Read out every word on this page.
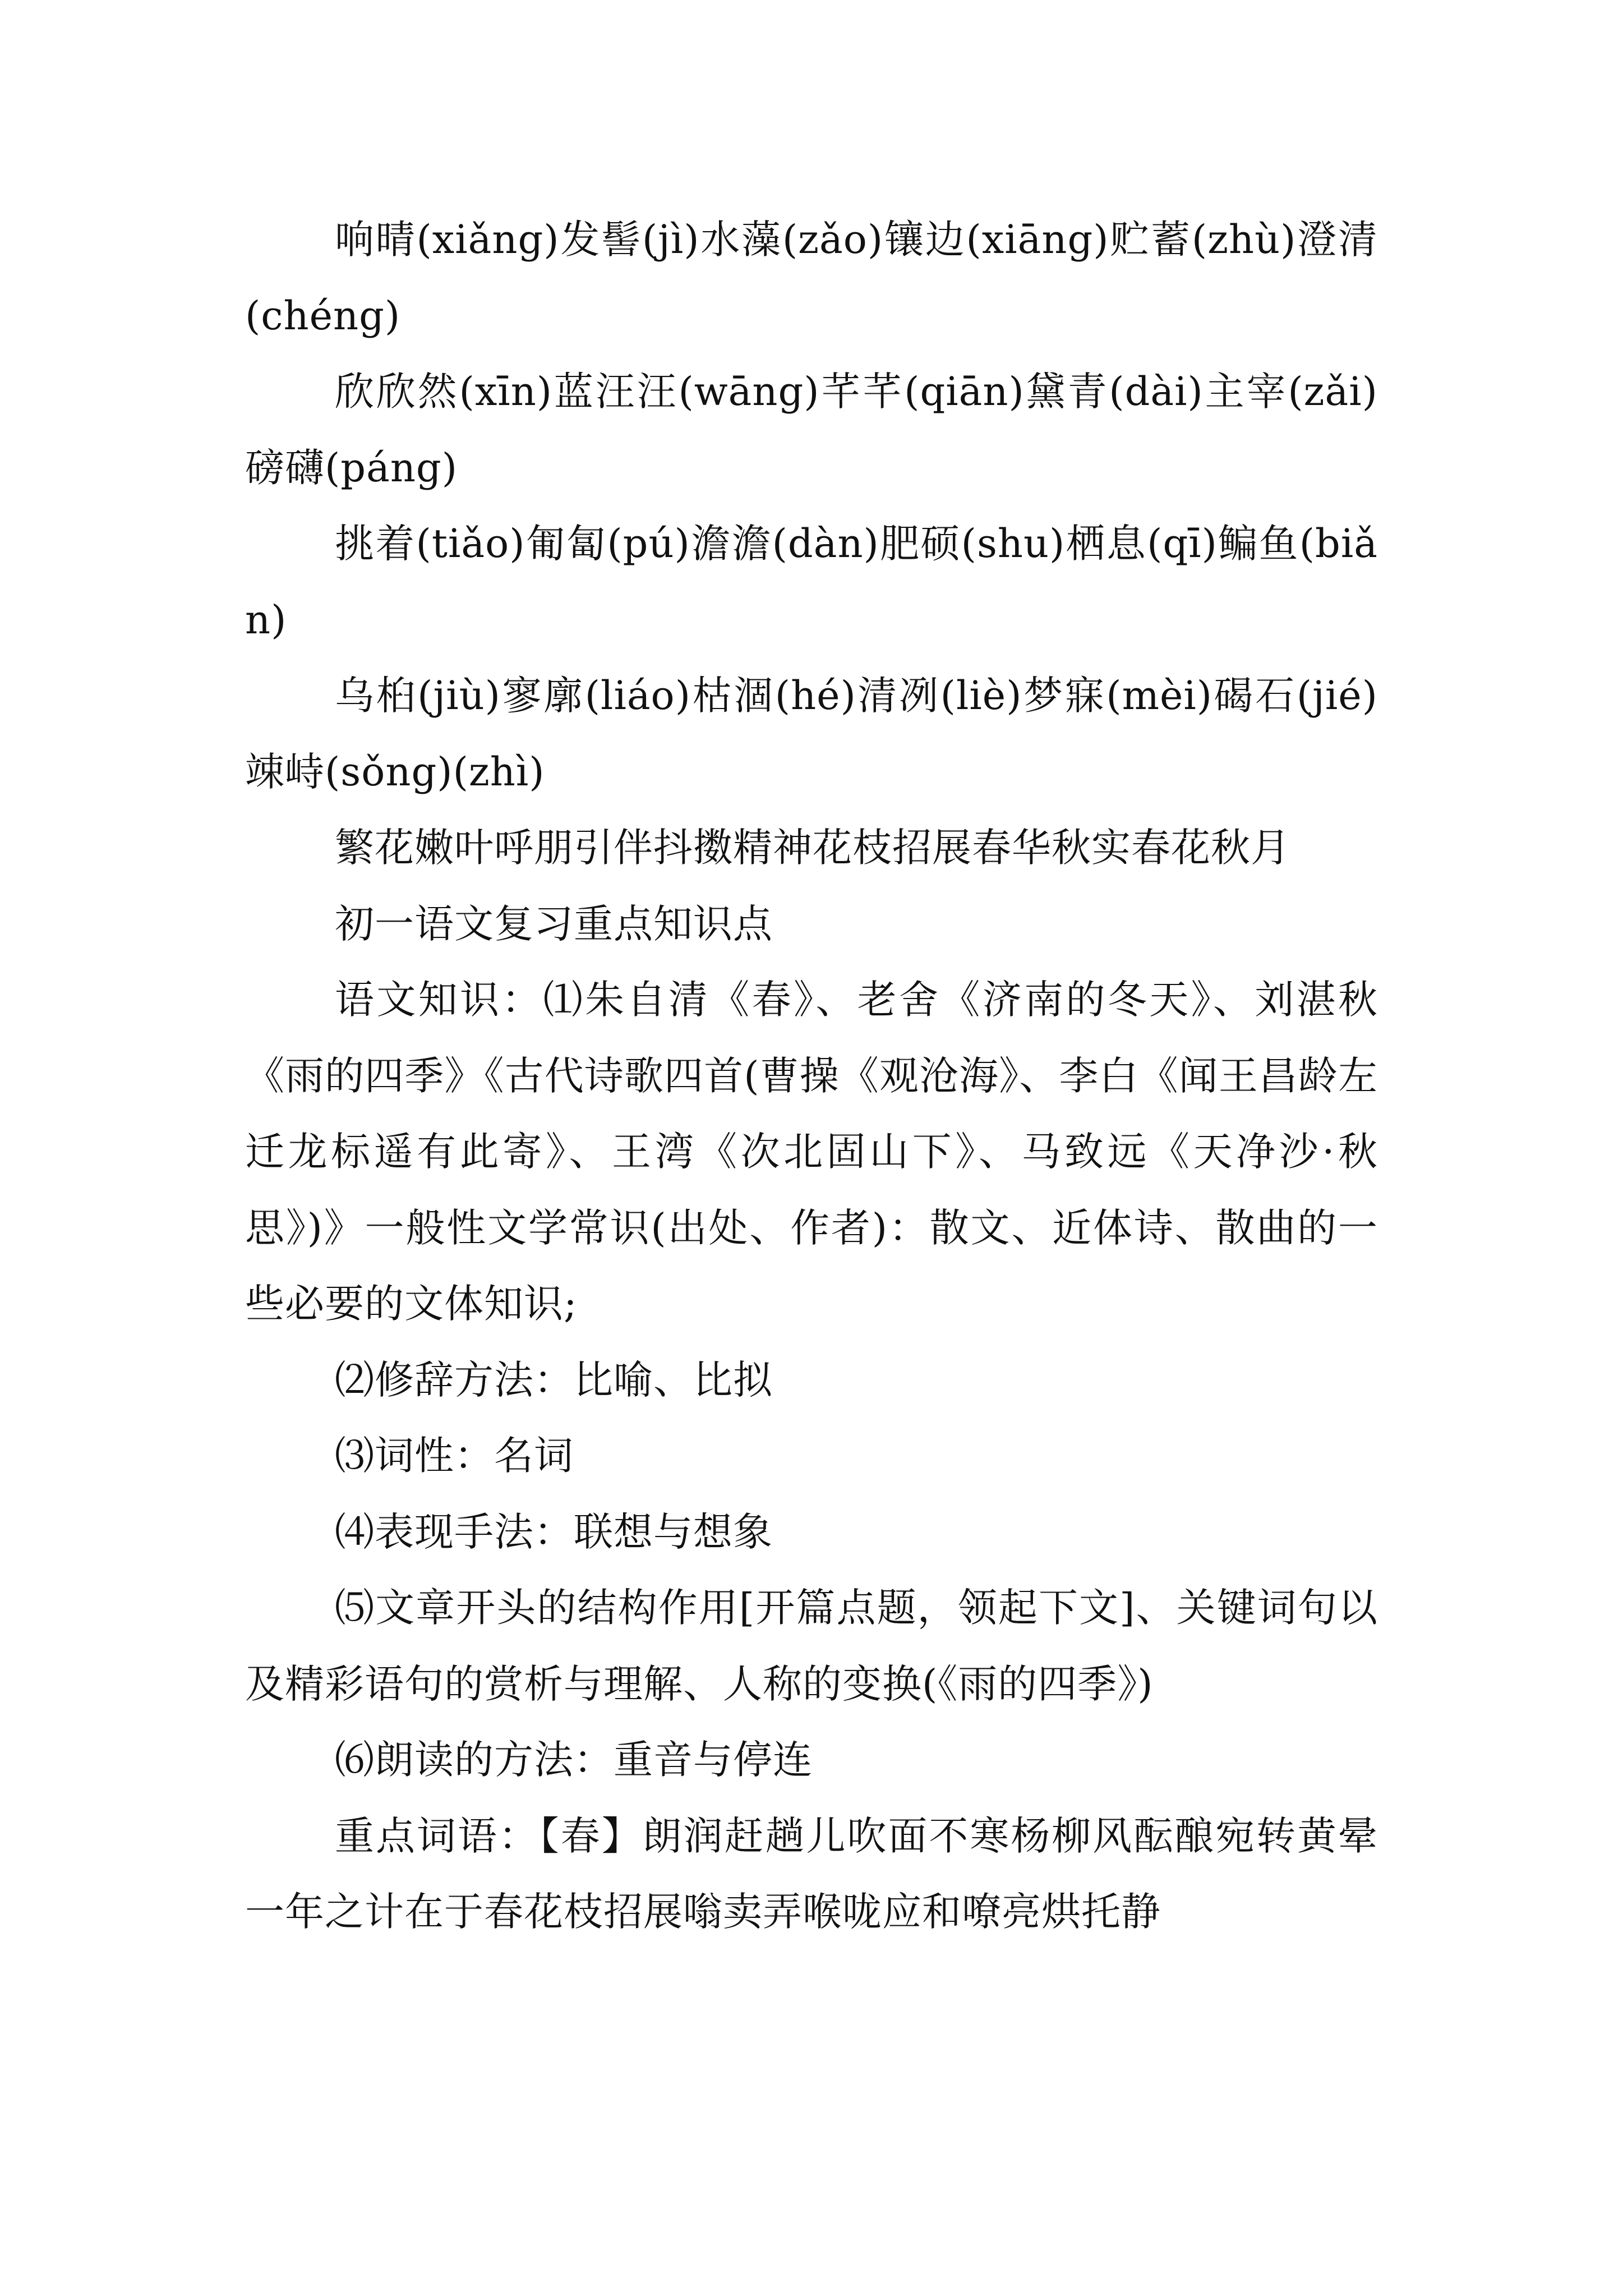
响晴(xiǎng)发髻(jì)水藻(zǎo)镶边(xiāng)贮蓄(zhù)澄清(chéng)

欣欣然(xīn)蓝汪汪(wāng)芊芊(qiān)黛青(dài)主宰(zǎi)磅礴(páng)

挑着(tiǎo)匍匐(pú)澹澹(dàn)肥硕(shu)栖息(qī)鳊鱼(biǎn)

乌桕(jiù)寥廓(liáo)枯涸(hé)清冽(liè)梦寐(mèi)碣石(jié)竦峙(sǒng)(zhì)

繁花嫩叶呼朋引伴抖擞精神花枝招展春华秋实春花秋月

初一语文复习重点知识点

语文知识：⑴朱自清《春》、老舍《济南的冬天》、刘湛秋《雨的四季》《古代诗歌四首(曹操《观沧海》、李白《闻王昌龄左迁龙标遥有此寄》、王湾《次北固山下》、马致远《天净沙·秋思》)》一般性文学常识(出处、作者)：散文、近体诗、散曲的一些必要的文体知识;

⑵修辞方法：比喻、比拟

⑶词性：名词

⑷表现手法：联想与想象

⑸文章开头的结构作用[开篇点题，领起下文]、关键词句以及精彩语句的赏析与理解、人称的变换(《雨的四季》)

⑹朗读的方法：重音与停连

重点词语：【春】朗润赶趟儿吹面不寒杨柳风酝酿宛转黄晕一年之计在于春花枝招展嗡卖弄喉咙应和嘹亮烘托静
